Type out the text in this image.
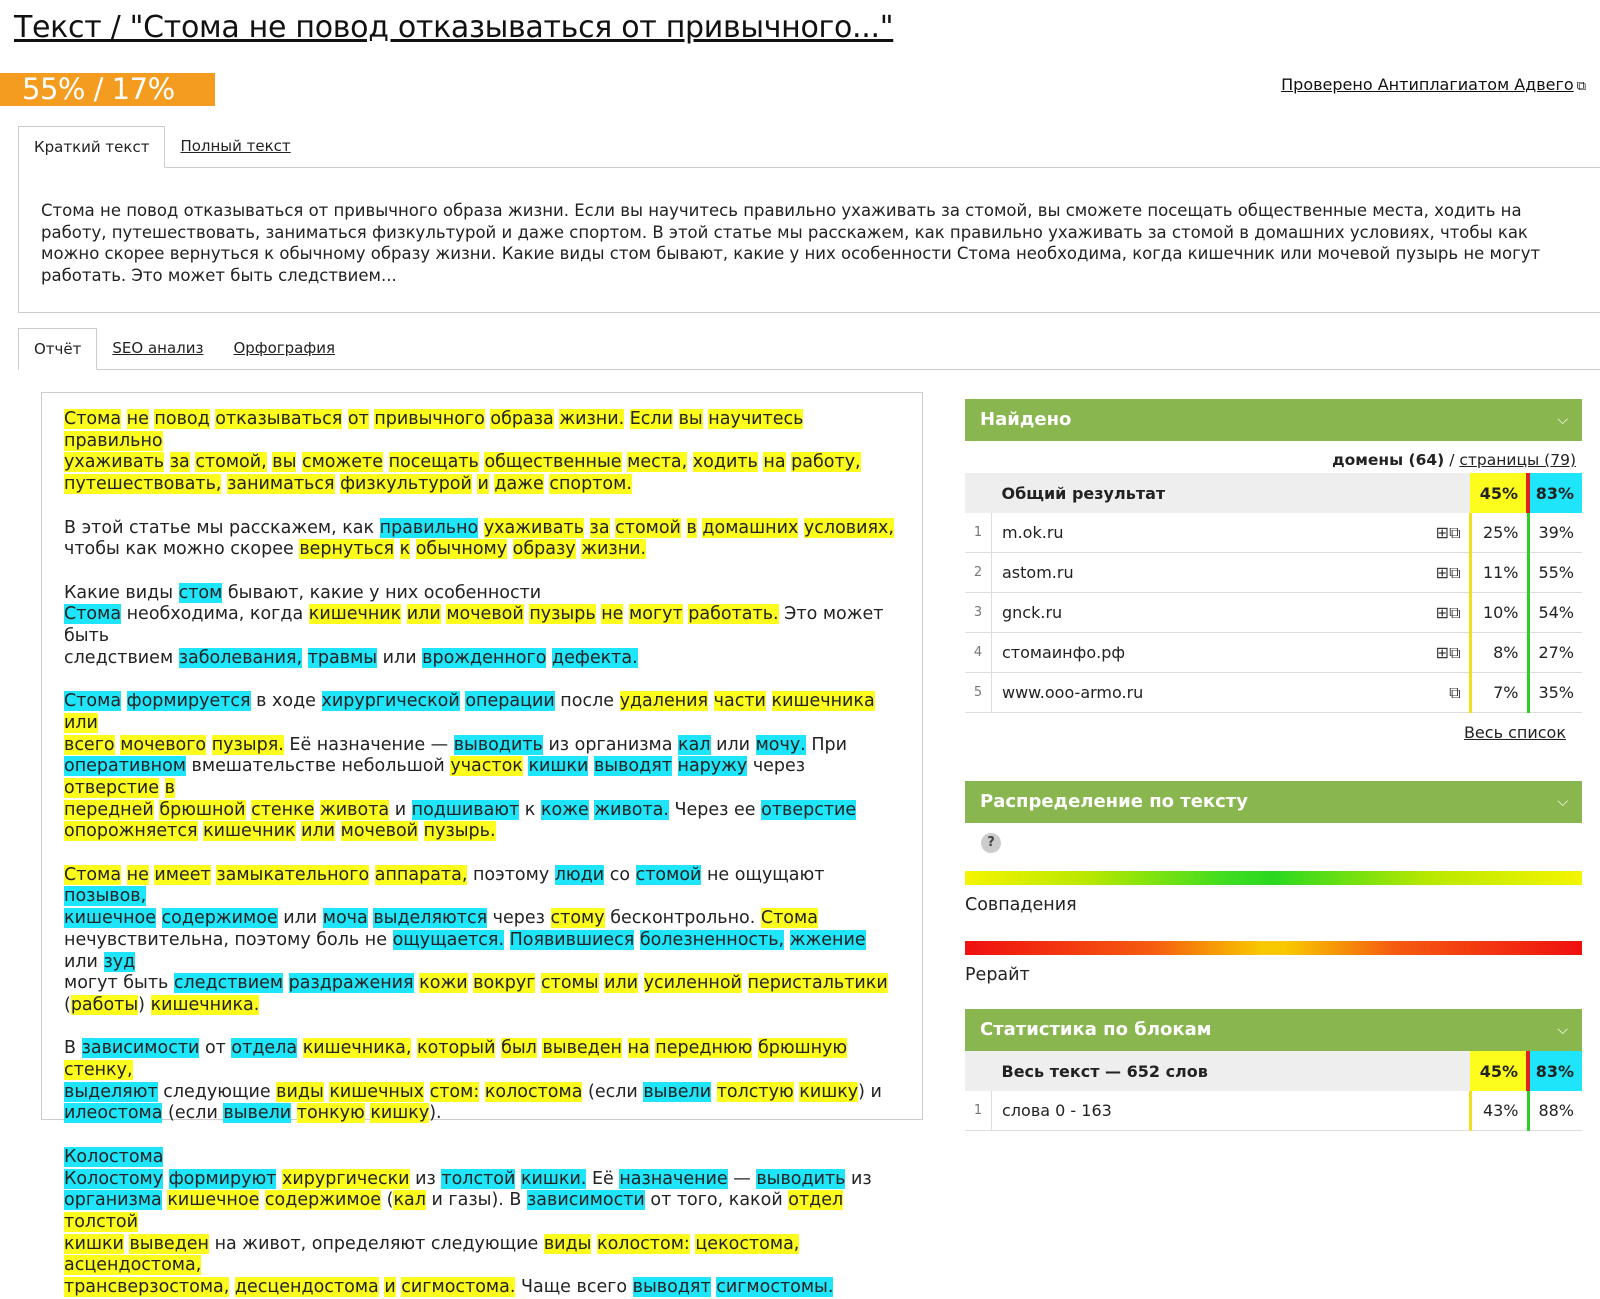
Текст / "Стома не повод отказываться от привычного..."
55% / 17%	Проверено Антиплагиатом Адвего ⧉
Краткий текст	Полный текст
Стома не повод отказываться от привычного образа жизни. Если вы научитесь правильно ухаживать за стомой, вы сможете посещать общественные места, ходить на работу, путешествовать, заниматься физкультурой и даже спортом. В этой статье мы расскажем, как правильно ухаживать за стомой в домашних условиях, чтобы как можно скорее вернуться к обычному образу жизни. Какие виды стом бывают, какие у них особенности Стома необходима, когда кишечник или мочевой пузырь не могут работать. Это может быть следствием...
Отчёт	SEO анализ	Орфография

Стома не повод отказываться от привычного образа жизни. Если вы научитесь правильно
ухаживать за стомой, вы сможете посещать общественные места, ходить на работу,
путешествовать, заниматься физкультурой и даже спортом.

В этой статье мы расскажем, как правильно ухаживать за стомой в домашних условиях,
чтобы как можно скорее вернуться к обычному образу жизни.

Какие виды стом бывают, какие у них особенности
Стома необходима, когда кишечник или мочевой пузырь не могут работать. Это может быть
следствием заболевания, травмы или врожденного дефекта.

Стома формируется в ходе хирургической операции после удаления части кишечника или
всего мочевого пузыря. Её назначение — выводить из организма кал или мочу. При
оперативном вмешательстве небольшой участок кишки выводят наружу через отверстие в
передней брюшной стенке живота и подшивают к коже живота. Через ее отверстие
опорожняется кишечник или мочевой пузырь.

Стома не имеет замыкательного аппарата, поэтому люди со стомой не ощущают позывов,
кишечное содержимое или моча выделяются через стому бесконтрольно. Стома
нечувствительна, поэтому боль не ощущается. Появившиеся болезненность, жжение или зуд
могут быть следствием раздражения кожи вокруг стомы или усиленной перистальтики
(работы) кишечника.

В зависимости от отдела кишечника, который был выведен на переднюю брюшную стенку,
выделяют следующие виды кишечных стом: колостома (если вывели толстую кишку) и
илеостома (если вывели тонкую кишку).

Колостома
Колостому формируют хирургически из толстой кишки. Её назначение — выводить из
организма кишечное содержимое (кал и газы). В зависимости от того, какой отдел толстой
кишки выведен на живот, определяют следующие виды колостом: цекостома, асцендостома,
трансверзостома, десцендостома и сигмостома. Чаще всего выводят сигмостомы.

Найдено	⌵
домены (64) / страницы (79)
	Общий результат		45%	83%
1	m.ok.ru	⊞⧉	25%	39%
2	astom.ru	⊞⧉	11%	55%
3	gnck.ru	⊞⧉	10%	54%
4	стомаинфо.рф	⊞⧉	8%	27%
5	www.ooo-armo.ru	⧉	7%	35%
Весь список
Распределение по тексту	⌵
?
Совпадения
Рерайт
Статистика по блокам	⌵
	Весь текст — 652 слов	45%	83%
1	слова 0 - 163	43%	88%
